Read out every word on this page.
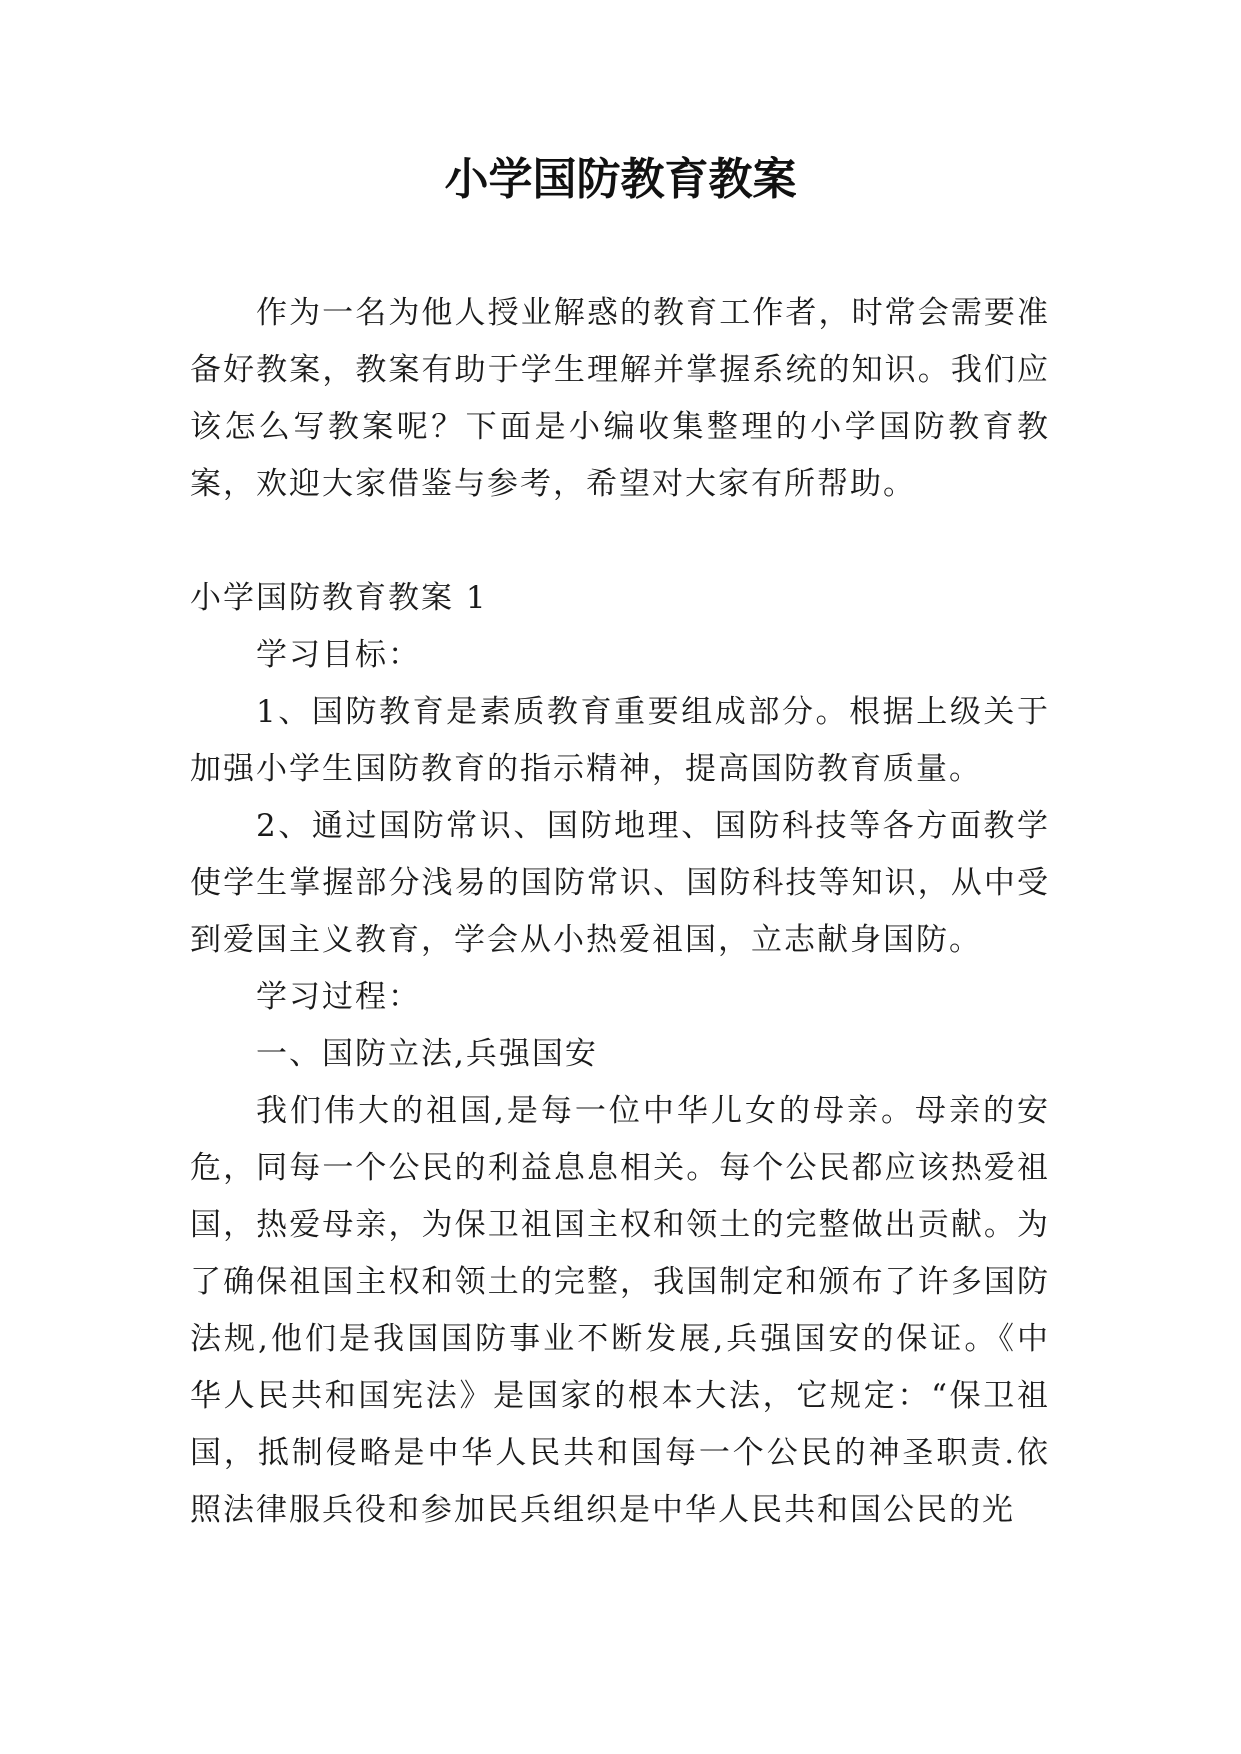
小学国防教育教案

作为一名为他人授业解惑的教育工作者，时常会需要准备好教案，教案有助于学生理解并掌握系统的知识。我们应该怎么写教案呢？下面是小编收集整理的小学国防教育教案，欢迎大家借鉴与参考，希望对大家有所帮助。

小学国防教育教案 1

学习目标：

1、国防教育是素质教育重要组成部分。根据上级关于加强小学生国防教育的指示精神，提高国防教育质量。

2、通过国防常识、国防地理、国防科技等各方面教学使学生掌握部分浅易的国防常识、国防科技等知识，从中受到爱国主义教育，学会从小热爱祖国，立志献身国防。

学习过程：

一、国防立法,兵强国安

我们伟大的祖国,是每一位中华儿女的母亲。母亲的安危，同每一个公民的利益息息相关。每个公民都应该热爱祖国，热爱母亲，为保卫祖国主权和领土的完整做出贡献。为了确保祖国主权和领土的完整，我国制定和颁布了许多国防法规,他们是我国国防事业不断发展,兵强国安的保证。《中华人民共和国宪法》是国家的根本大法，它规定：“保卫祖国，抵制侵略是中华人民共和国每一个公民的神圣职责.依照法律服兵役和参加民兵组织是中华人民共和国公民的光
